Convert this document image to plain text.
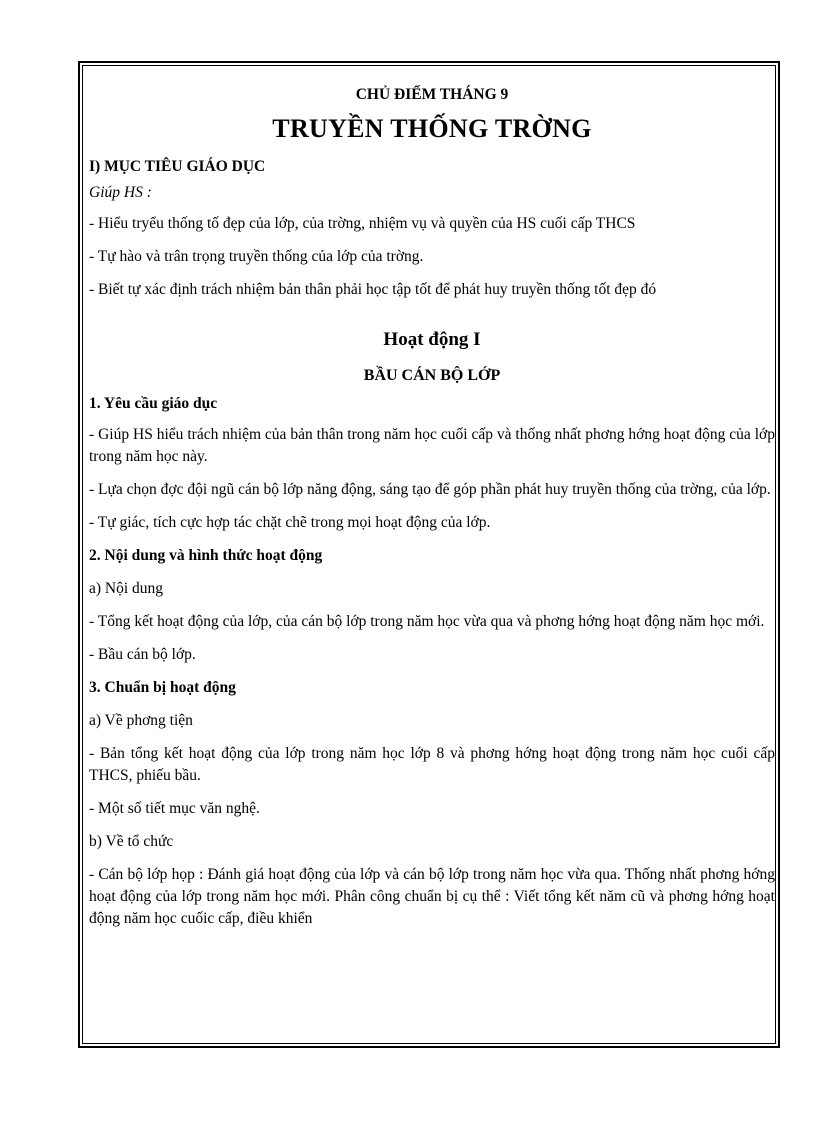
CHỦ ĐIỂM THÁNG 9

TRUYỀN THỐNG TRỜNG

I) MỤC TIÊU GIÁO DỤC

Giúp HS :

- Hiểu tryểu thống tố đẹp của lớp, của trờng, nhiệm vụ và quyền của HS cuối cấp THCS

- Tự hào và trân trọng truyền thống của lớp của trờng.

- Biết tự xác định trách nhiệm bản thân phải học tập tốt để phát huy truyền thống tốt đẹp đó

Hoạt động I

BẦU CÁN BỘ LỚP

1. Yêu cầu giáo dục

- Giúp HS hiểu trách nhiệm của bản thân trong năm học cuối cấp và thống nhất phơng hớng hoạt động của lớp trong năm học này.

- Lựa chọn đợc đội ngũ cán bộ lớp năng động, sáng tạo để góp phần phát huy truyền thống của trờng, của lớp.

- Tự giác, tích cực hợp tác chặt chẽ trong mọi hoạt động của lớp.

2. Nội dung và hình thức hoạt động

a) Nội dung

- Tổng kết hoạt động của lớp, của cán bộ lớp trong năm học vừa qua và phơng hớng hoạt động năm học mới.

- Bầu cán bộ lớp.

3. Chuẩn bị hoạt động

a) Về phơng tiện

- Bản tổng kết hoạt động của lớp trong năm học lớp 8 và phơng hớng hoạt động trong năm học cuối cấp THCS, phiếu bầu.

- Một số tiết mục văn nghệ.

b) Về tổ chức

- Cán bộ lớp họp : Đánh giá hoạt động của lớp và cán bộ lớp trong năm học vừa qua. Thống nhất phơng hớng hoạt động của lớp trong năm học mới. Phân công chuẩn bị cụ thể : Viết tổng kết năm cũ và phơng hớng hoạt động năm học cuốic cấp, điều khiển
